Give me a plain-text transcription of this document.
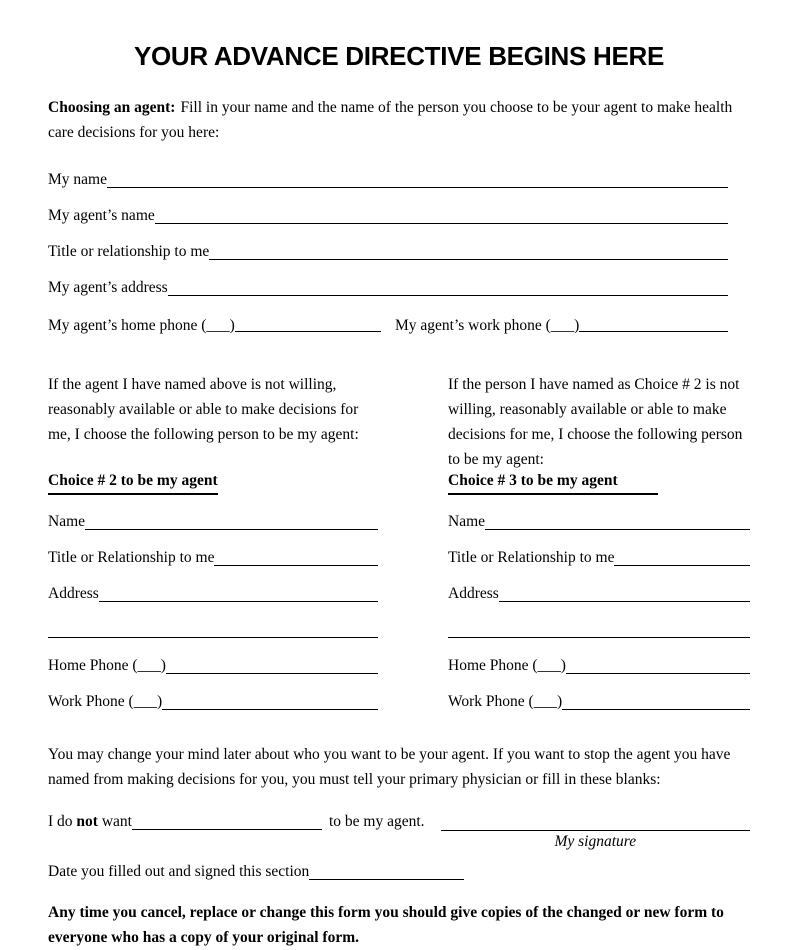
YOUR ADVANCE DIRECTIVE BEGINS HERE

Choosing an agent: Fill in your name and the name of the person you choose to be your agent to make health care decisions for you here:

My name
My agent’s name
Title or relationship to me
My agent’s address
My agent’s home phone (___)	My agent’s work phone (___)

If the agent I have named above is not willing, reasonably available or able to make decisions for me, I choose the following person to be my agent:

Choice # 2 to be my agent
Name
Title or Relationship to me
Address
Home Phone (___)
Work Phone (___)

If the person I have named as Choice # 2 is not willing, reasonably available or able to make decisions for me, I choose the following person to be my agent:

Choice # 3 to be my agent
Name
Title or Relationship to me
Address
Home Phone (___)
Work Phone (___)

You may change your mind later about who you want to be your agent. If you want to stop the agent you have named from making decisions for you, you must tell your primary physician or fill in these blanks:

I do not want	to be my agent.
My signature
Date you filled out and signed this section

Any time you cancel, replace or change this form you should give copies of the changed or new form to everyone who has a copy of your original form.
